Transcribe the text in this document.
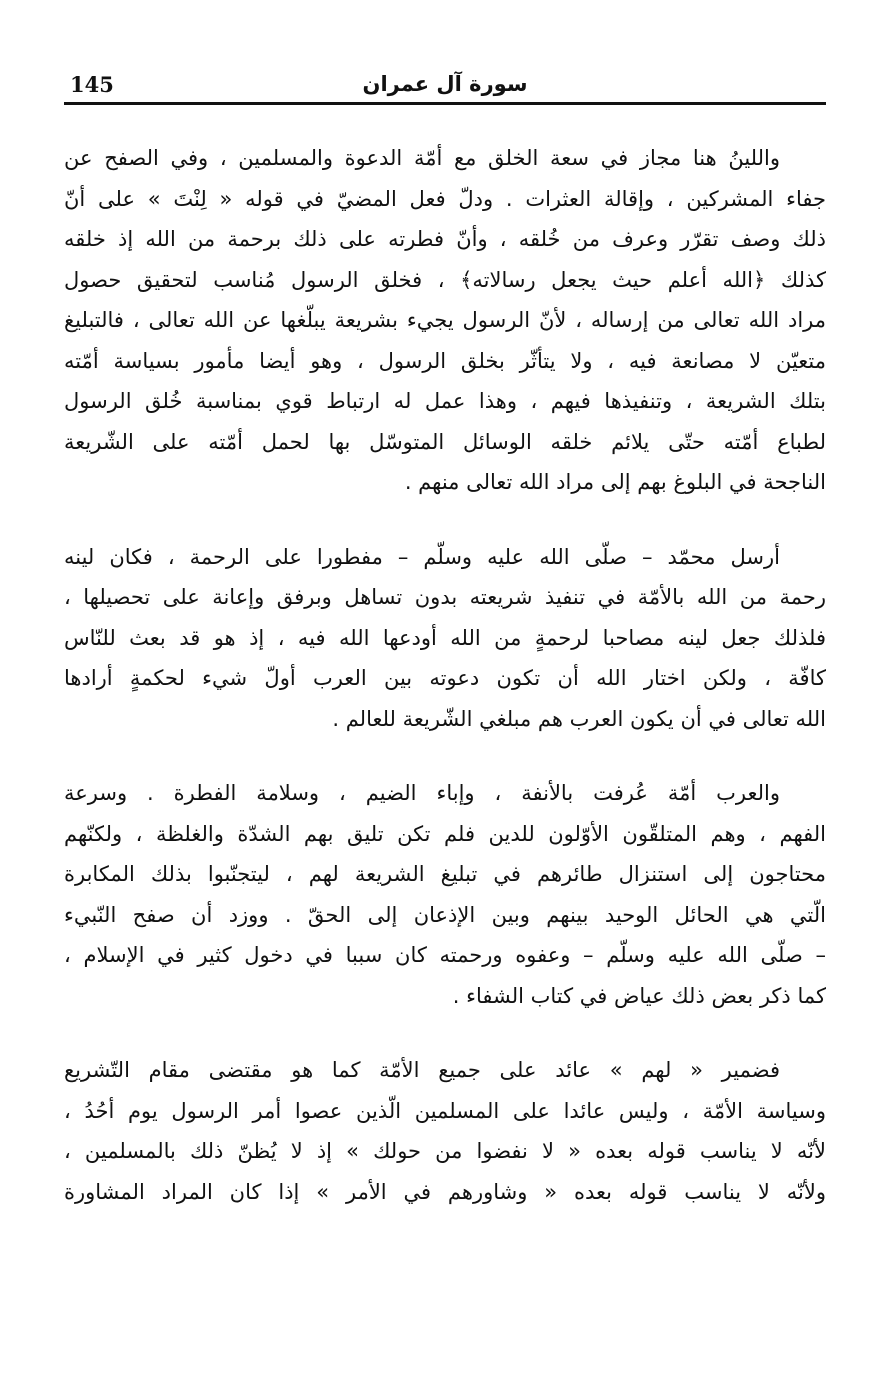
145	سورة آل عمران
واللينُ هنا مجاز في سعة الخلق مع أمّة الدعوة والمسلمين ، وفي الصفح عن
جفاء المشركين ، وإقالة العثرات . ودلّ فعل المضيّ في قوله « لِنْتَ » على أنّ
ذلك وصف تقرّر وعرف من خُلقه ، وأنّ فطرته على ذلك برحمة من الله إذ خلقه
كذلك ﴿الله أعلم حيث يجعل رسالاته﴾ ، فخلق الرسول مُناسب لتحقيق حصول
مراد الله تعالى من إرساله ، لأنّ الرسول يجيء بشريعة يبلّغها عن الله تعالى ، فالتبليغ
متعيّن لا مصانعة فيه ، ولا يتأثّر بخلق الرسول ، وهو أيضا مأمور بسياسة أمّته
بتلك الشريعة ، وتنفيذها فيهم ، وهذا عمل له ارتباط قوي بمناسبة خُلق الرسول
لطباع أمّته حتّى يلائم خلقه الوسائل المتوسّل بها لحمل أمّته على الشّريعة
الناجحة في البلوغ بهم إلى مراد الله تعالى منهم .
أرسل محمّد – صلّى الله عليه وسلّم – مفطورا على الرحمة ، فكان لينه
رحمة من الله بالأمّة في تنفيذ شريعته بدون تساهل وبرفق وإعانة على تحصيلها ،
فلذلك جعل لينه مصاحبا لرحمةٍ من الله أودعها الله فيه ، إذ هو قد بعث للنّاس
كافّة ، ولكن اختار الله أن تكون دعوته بين العرب أولّ شيء لحكمةٍ أرادها
الله تعالى في أن يكون العرب هم مبلغي الشّريعة للعالم .
والعرب أمّة عُرفت بالأنفة ، وإباء الضيم ، وسلامة الفطرة . وسرعة
الفهم ، وهم المتلقّون الأوّلون للدين فلم تكن تليق بهم الشدّة والغلظة ، ولكنّهم
محتاجون إلى استنزال طائرهم في تبليغ الشريعة لهم ، ليتجنّبوا بذلك المكابرة
الّتي هي الحائل الوحيد بينهم وبين الإذعان إلى الحقّ . ووزد أن صفح النّبيء
– صلّى الله عليه وسلّم – وعفوه ورحمته كان سببا في دخول كثير في الإسلام ،
كما ذكر بعض ذلك عياض في كتاب الشفاء .
فضمير « لهم » عائد على جميع الأمّة كما هو مقتضى مقام التّشريع
وسياسة الأمّة ، وليس عائدا على المسلمين الّذين عصوا أمر الرسول يوم أحُدُ ،
لأنّه لا يناسب قوله بعده « لا نفضوا من حولك » إذ لا يُظنّ ذلك بالمسلمين ،
ولأنّه لا يناسب قوله بعده « وشاورهم في الأمر » إذا كان المراد المشاورة
